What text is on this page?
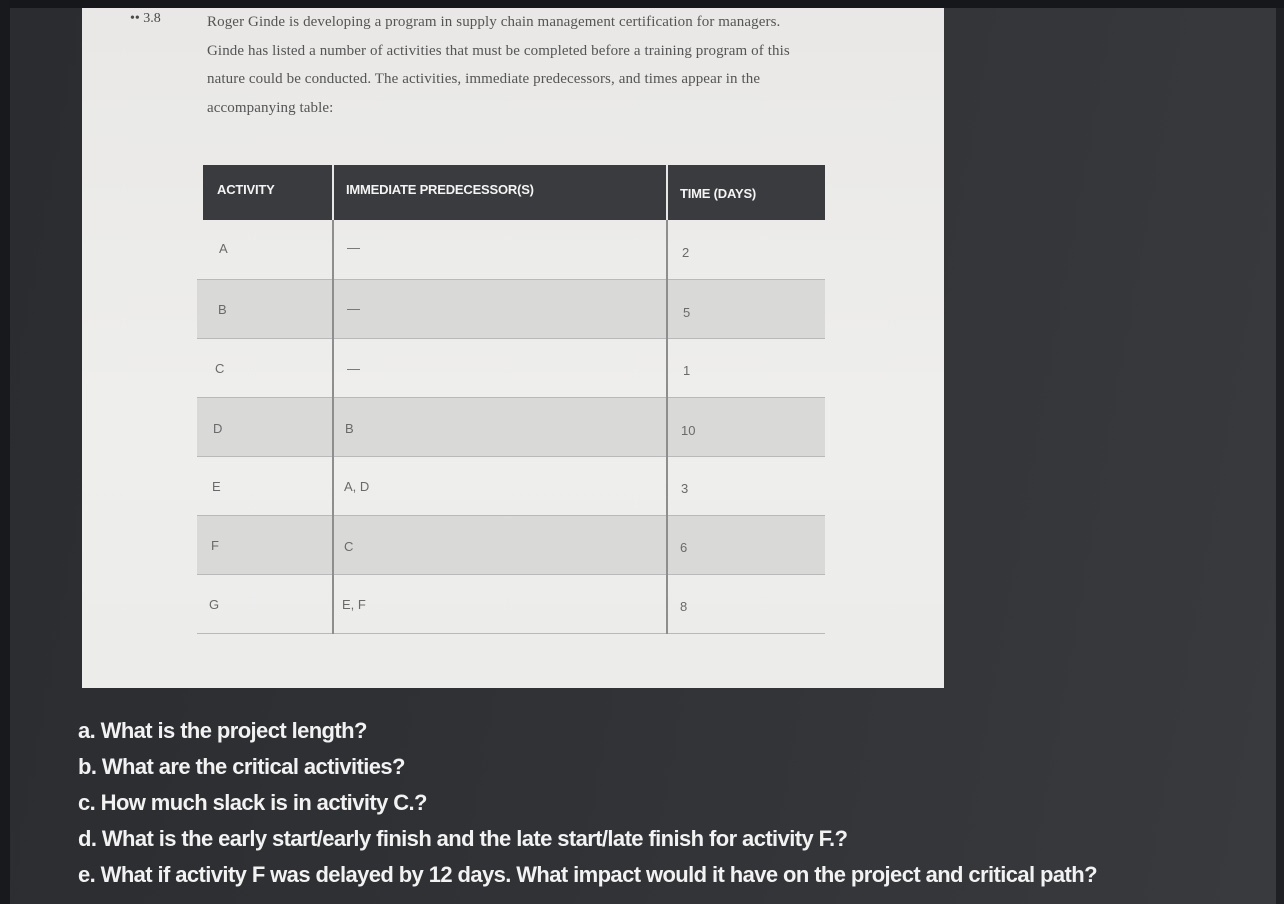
•• 3.8	Roger Ginde is developing a program in supply chain management certification for managers. Ginde has listed a number of activities that must be completed before a training program of this nature could be conducted. The activities, immediate predecessors, and times appear in the accompanying table:
ACTIVITY	IMMEDIATE PREDECESSOR(S)	TIME (DAYS)
A	—	2
B	—	5
C	—	1
D	B	10
E	A, D	3
F	C	6
G	E, F	8
a. What is the project length?
b. What are the critical activities?
c. How much slack is in activity C.?
d. What is the early start/early finish and the late start/late finish for activity F.?
e. What if activity F was delayed by 12 days. What impact would it have on the project and critical path?
